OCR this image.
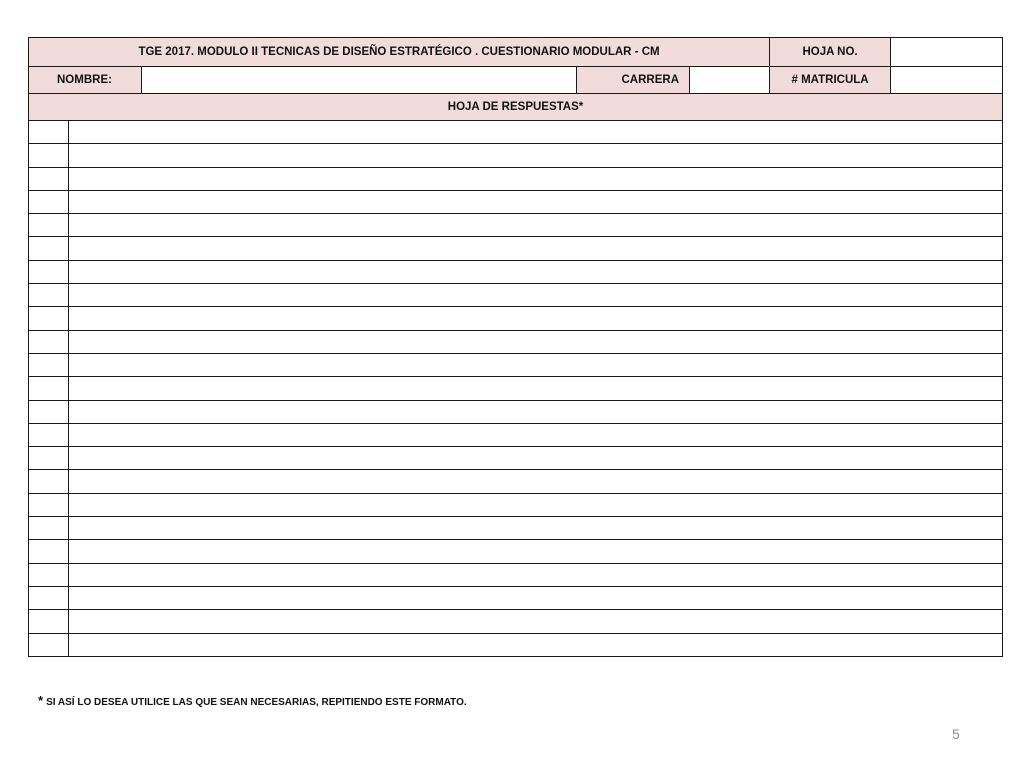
TGE 2017. MODULO II TECNICAS DE DISEÑO ESTRATÉGICO . CUESTIONARIO MODULAR - CM					HOJA NO.	
NOMBRE:			CARRERA		# MATRICULA	
HOJA DE RESPUESTAS*						

* SI ASÍ LO DESEA UTILICE LAS QUE SEAN NECESARIAS, REPITIENDO ESTE FORMATO.
5
